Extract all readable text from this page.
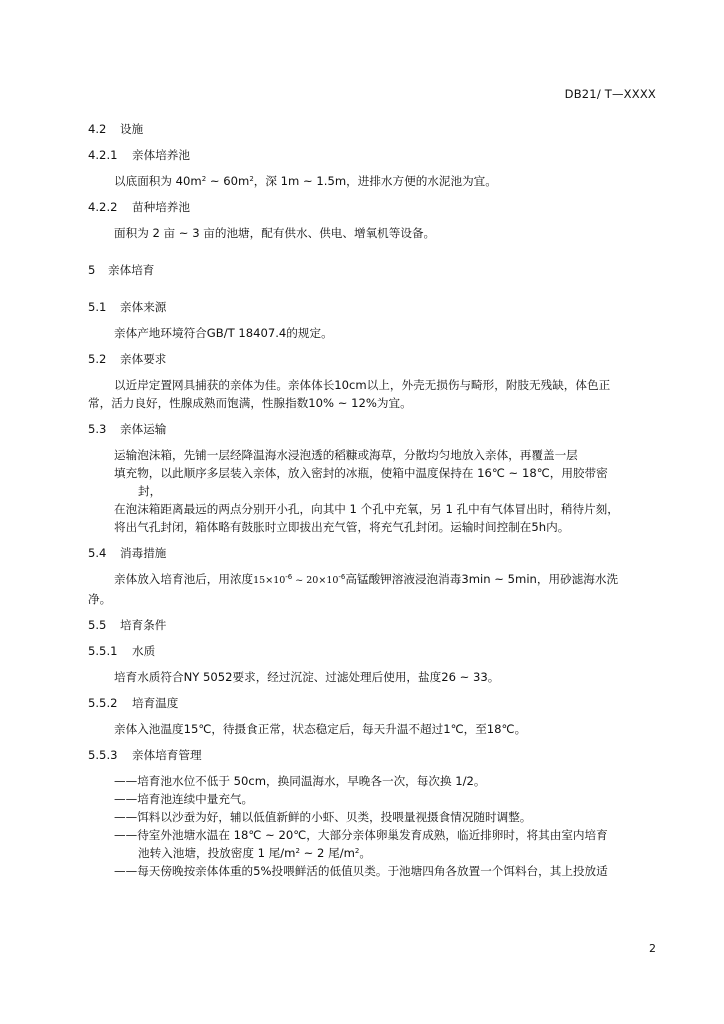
DB21/ T—XXXX
4.2 设施
4.2.1 亲体培养池

以底面积为 $40m^2$ ~ $60m^2$，深 1m ~ 1.5m，进排水方便的水泥池为宜。

4.2.2 苗种培养池

面积为 2 亩 ~ 3 亩的池塘，配有供水、供电、增氧机等设备。

5 亲体培育
5.1 亲体来源

亲体产地环境符合GB/T 18407.4的规定。

5.2 亲体要求

以近岸定置网具捕获的亲体为佳。亲体体长10cm以上，外壳无损伤与畸形，附肢无残缺，体色正

常，活力良好，性腺成熟而饱满，性腺指数10% ~ 12%为宜。

5.3 亲体运输

运输泡沫箱，先铺一层经降温海水浸泡透的稻糠或海草，分散均匀地放入亲体，再覆盖一层

填充物，以此顺序多层装入亲体，放入密封的冰瓶，使箱中温度保持在 16℃ ~ 18℃，用胶带密

封，

在泡沫箱距离最远的两点分别开小孔，向其中 1 个孔中充氧，另 1 孔中有气体冒出时，稍待片刻，

将出气孔封闭，箱体略有鼓胀时立即拔出充气管，将充气孔封闭。运输时间控制在5h内。

5.4 消毒措施

亲体放入培育池后，用浓度$15\times 10^{-6}$ ~ $20\times 10^{-6}$高锰酸钾溶液浸泡消毒3min ~ 5min，用砂滤海水洗

净。

5.5 培育条件
5.5.1 水质

培育水质符合NY 5052要求，经过沉淀、过滤处理后使用，盐度26 ~ 33。

5.5.2 培育温度

亲体入池温度15℃，待摄食正常，状态稳定后，每天升温不超过1℃，至18℃。

5.5.3 亲体培育管理

——培育池水位不低于 50cm，换同温海水，早晚各一次，每次换 1/2。

——培育池连续中量充气。

——饵料以沙蚕为好，辅以低值新鲜的小虾、贝类，投喂量视摄食情况随时调整。

——待室外池塘水温在 18℃ ~ 20℃，大部分亲体卵巢发育成熟，临近排卵时，将其由室内培育

池转入池塘，投放密度 1 尾$/m^2$ ~ 2 尾$/m^2$。

——每天傍晚按亲体体重的5%投喂鲜活的低值贝类。于池塘四角各放置一个饵料台，其上投放适

2
